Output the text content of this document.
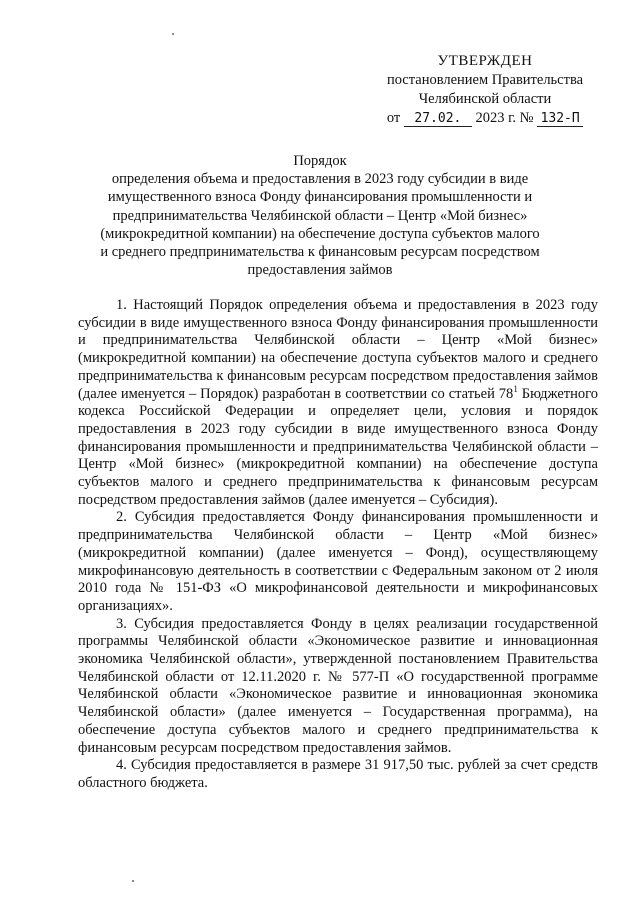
УТВЕРЖДЕН
постановлением Правительства
Челябинской области
от 27.02. 2023 г. № 132-П
Порядок
определения объема и предоставления в 2023 году субсидии в виде имущественного взноса Фонду финансирования промышленности и предпринимательства Челябинской области – Центр «Мой бизнес» (микрокредитной компании) на обеспечение доступа субъектов малого и среднего предпринимательства к финансовым ресурсам посредством предоставления займов

1. Настоящий Порядок определения объема и предоставления в 2023 году субсидии в виде имущественного взноса Фонду финансирования промышленности и предпринимательства Челябинской области – Центр «Мой бизнес» (микрокредитной компании) на обеспечение доступа субъектов малого и среднего предпринимательства к финансовым ресурсам посредством предоставления займов (далее именуется – Порядок) разработан в соответствии со статьей $78^1$ Бюджетного кодекса Российской Федерации и определяет цели, условия и порядок предоставления в 2023 году субсидии в виде имущественного взноса Фонду финансирования промышленности и предпринимательства Челябинской области – Центр «Мой бизнес» (микрокредитной компании) на обеспечение доступа субъектов малого и среднего предпринимательства к финансовым ресурсам посредством предоставления займов (далее именуется – Субсидия).

2. Субсидия предоставляется Фонду финансирования промышленности и предпринимательства Челябинской области – Центр «Мой бизнес» (микрокредитной компании) (далее именуется – Фонд), осуществляющему микрофинансовую деятельность в соответствии с Федеральным законом от 2 июля 2010 года № 151-ФЗ «О микрофинансовой деятельности и микрофинансовых организациях».

3. Субсидия предоставляется Фонду в целях реализации государственной программы Челябинской области «Экономическое развитие и инновационная экономика Челябинской области», утвержденной постановлением Правительства Челябинской области от 12.11.2020 г. № 577-П «О государственной программе Челябинской области «Экономическое развитие и инновационная экономика Челябинской области» (далее именуется – Государственная программа), на обеспечение доступа субъектов малого и среднего предпринимательства к финансовым ресурсам посредством предоставления займов.

4. Субсидия предоставляется в размере 31 917,50 тыс. рублей за счет средств областного бюджета.
